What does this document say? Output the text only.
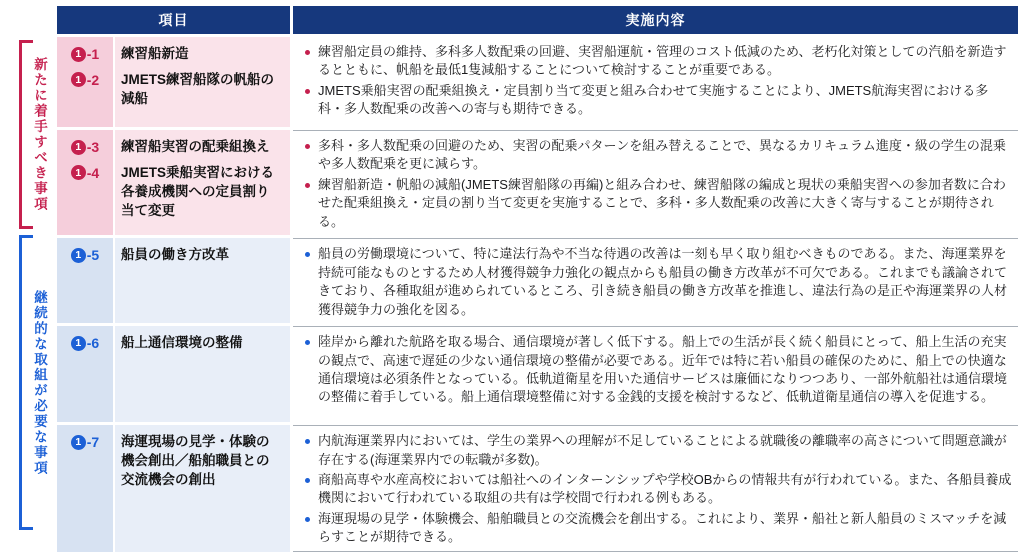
新たに着手すべき事項
継続的な取組が必要な事項
項目	実施内容
1 -1	練習船新造
1 -2	JMETS練習船隊の帆船の減船
練習船定員の維持、多科多人数配乗の回避、実習船運航・管理のコスト低減のため、老朽化対策としての汽船を新造するとともに、帆船を最低1隻減船することについて検討することが重要である。
JMETS乗船実習の配乗組換え・定員割り当て変更と組み合わせて実施することにより、JMETS航海実習における多科・多人数配乗の改善への寄与も期待できる。
1 -3	練習船実習の配乗組換え
1 -4	JMETS乗船実習における各養成機関への定員割り当て変更
多科・多人数配乗の回避のため、実習の配乗パターンを組み替えることで、異なるカリキュラム進度・級の学生の混乗や多人数配乗を更に減らす。
練習船新造・帆船の減船(JMETS練習船隊の再編)と組み合わせ、練習船隊の編成と現状の乗船実習への参加者数に合わせた配乗組換え・定員の割り当て変更を実施することで、多科・多人数配乗の改善に大きく寄与することが期待される。
1 -5	船員の働き方改革	船員の労働環境について、特に違法行為や不当な待遇の改善は一刻も早く取り組むべきものである。また、海運業界を持続可能なものとするため人材獲得競争力強化の観点からも船員の働き方改革が不可欠である。これまでも議論されてきており、各種取組が進められているところ、引き続き船員の働き方改革を推進し、違法行為の是正や海運業界の人材獲得競争力の強化を図る。
1 -6	船上通信環境の整備	陸岸から離れた航路を取る場合、通信環境が著しく低下する。船上での生活が長く続く船員にとって、船上生活の充実の観点で、高速で遅延の少ない通信環境の整備が必要である。近年では特に若い船員の確保のために、船上での快適な通信環境は必須条件となっている。低軌道衛星を用いた通信サービスは廉価になりつつあり、一部外航船社は通信環境の整備に着手している。船上通信環境整備に対する金銭的支援を検討するなど、低軌道衛星通信の導入を促進する。
1 -7	海運現場の見学・体験の機会創出／船舶職員との交流機会の創出
内航海運業界内においては、学生の業界への理解が不足していることによる就職後の離職率の高さについて問題意識が存在する(海運業界内での転職が多数)。
商船高専や水産高校においては船社へのインターンシップや学校OBからの情報共有が行われている。また、各船員養成機関において行われている取組の共有は学校間で行われる例もある。
海運現場の見学・体験機会、船舶職員との交流機会を創出する。これにより、業界・船社と新人船員のミスマッチを減らすことが期待できる。
